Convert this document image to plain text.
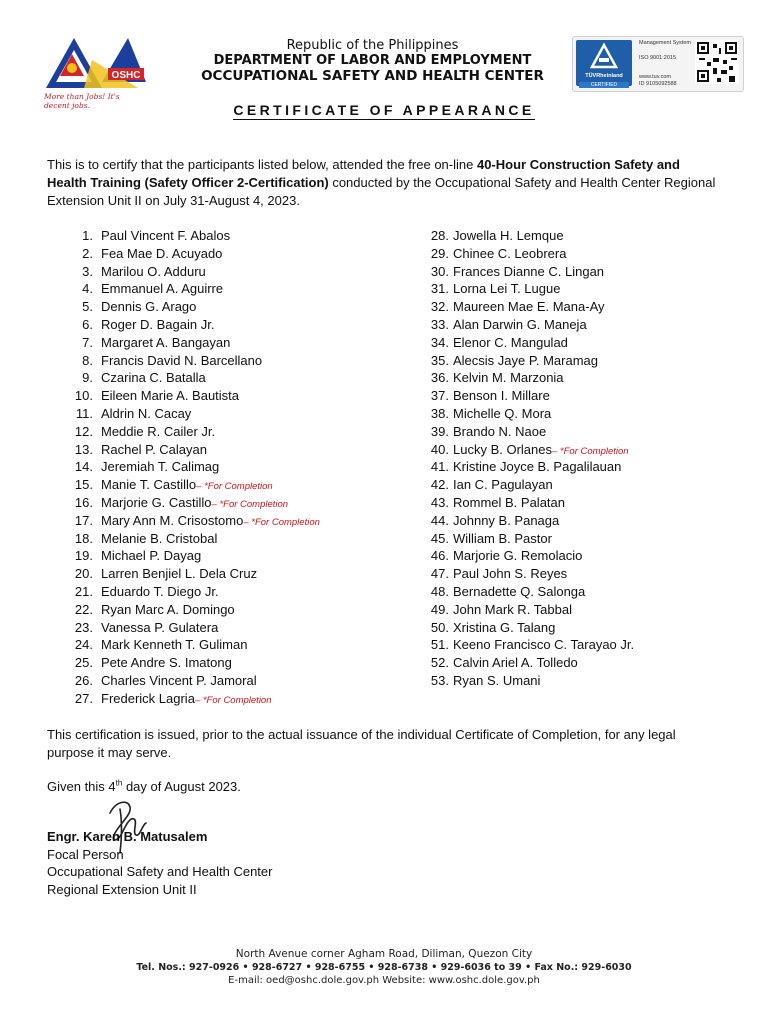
OSHC
More than Jobs! It's decent jobs.
Republic of the Philippines
DEPARTMENT OF LABOR AND EMPLOYMENT
OCCUPATIONAL SAFETY AND HEALTH CENTER	TÜVRheinland
CERTIFIED
Management System
ISO 9001:2015
www.tuv.com
ID 9105092588
CERTIFICATE OF APPEARANCE
This is to certify that the participants listed below, attended the free on-line 40-Hour Construction Safety and Health Training (Safety Officer 2-Certification) conducted by the Occupational Safety and Health Center Regional Extension Unit II on July 31-August 4, 2023.
1. Paul Vincent F. Abalos
2. Fea Mae D. Acuyado
3. Marilou O. Adduru
4. Emmanuel A. Aguirre
5. Dennis G. Arago
6. Roger D. Bagain Jr.
7. Margaret A. Bangayan
8. Francis David N. Barcellano
9. Czarina C. Batalla
10. Eileen Marie A. Bautista
11. Aldrin N. Cacay
12. Meddie R. Cailer Jr.
13. Rachel P. Calayan
14. Jeremiah T. Calimag
15. Manie T. Castillo– *For Completion
16. Marjorie G. Castillo– *For Completion
17. Mary Ann M. Crisostomo– *For Completion
18. Melanie B. Cristobal
19. Michael P. Dayag
20. Larren Benjiel L. Dela Cruz
21. Eduardo T. Diego Jr.
22. Ryan Marc A. Domingo
23. Vanessa P. Gulatera
24. Mark Kenneth T. Guliman
25. Pete Andre S. Imatong
26. Charles Vincent P. Jamoral
27. Frederick Lagria– *For Completion
28. Jowella H. Lemque
29. Chinee C. Leobrera
30. Frances Dianne C. Lingan
31. Lorna Lei T. Lugue
32. Maureen Mae E. Mana-Ay
33. Alan Darwin G. Maneja
34. Elenor C. Mangulad
35. Alecsis Jaye P. Maramag
36. Kelvin M. Marzonia
37. Benson I. Millare
38. Michelle Q. Mora
39. Brando N. Naoe
40. Lucky B. Orlanes– *For Completion
41. Kristine Joyce B. Pagalilauan
42. Ian C. Pagulayan
43. Rommel B. Palatan
44. Johnny B. Panaga
45. William B. Pastor
46. Marjorie G. Remolacio
47. Paul John S. Reyes
48. Bernadette Q. Salonga
49. John Mark R. Tabbal
50. Xristina G. Talang
51. Keeno Francisco C. Tarayao Jr.
52. Calvin Ariel A. Tolledo
53. Ryan S. Umani
This certification is issued, prior to the actual issuance of the individual Certificate of Completion, for any legal purpose it may serve.
Given this 4th day of August 2023.
Engr. Karen B. Matusalem
Focal Person
Occupational Safety and Health Center
Regional Extension Unit II
North Avenue corner Agham Road, Diliman, Quezon City
Tel. Nos.: 927-0926 • 928-6727 • 928-6755 • 928-6738 • 929-6036 to 39 • Fax No.: 929-6030
E-mail: oed@oshc.dole.gov.ph Website: www.oshc.dole.gov.ph
